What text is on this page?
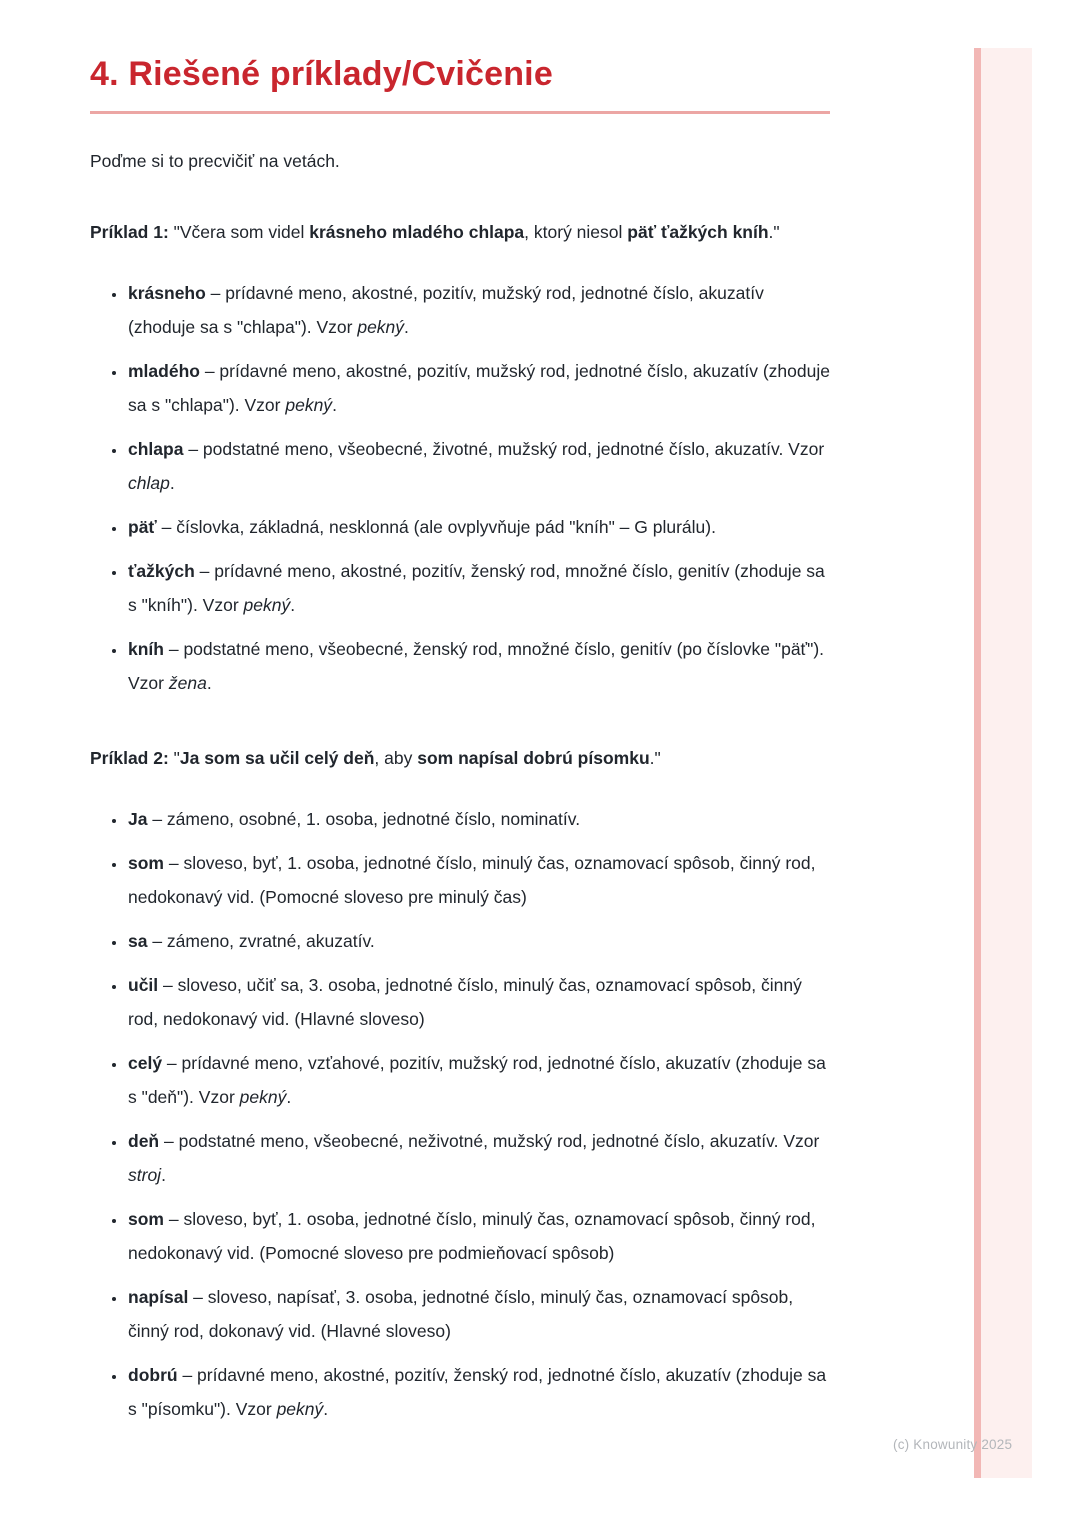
(c) Knowunity 2025
4. Riešené príklady/Cvičenie

Poďme si to precvičiť na vetách.

Príklad 1: "Včera som videl krásneho mladého chlapa, ktorý niesol päť ťažkých kníh."

• krásneho – prídavné meno, akostné, pozitív, mužský rod, jednotné číslo, akuzatív (zhoduje sa s "chlapa"). Vzor pekný.
• mladého – prídavné meno, akostné, pozitív, mužský rod, jednotné číslo, akuzatív (zhoduje sa s "chlapa"). Vzor pekný.
• chlapa – podstatné meno, všeobecné, životné, mužský rod, jednotné číslo, akuzatív. Vzor chlap.
• päť – číslovka, základná, nesklonná (ale ovplyvňuje pád "kníh" – G plurálu).
• ťažkých – prídavné meno, akostné, pozitív, ženský rod, množné číslo, genitív (zhoduje sa s "kníh"). Vzor pekný.
• kníh – podstatné meno, všeobecné, ženský rod, množné číslo, genitív (po číslovke "päť"). Vzor žena.

Príklad 2: "Ja som sa učil celý deň, aby som napísal dobrú písomku."

• Ja – zámeno, osobné, 1. osoba, jednotné číslo, nominatív.
• som – sloveso, byť, 1. osoba, jednotné číslo, minulý čas, oznamovací spôsob, činný rod, nedokonavý vid. (Pomocné sloveso pre minulý čas)
• sa – zámeno, zvratné, akuzatív.
• učil – sloveso, učiť sa, 3. osoba, jednotné číslo, minulý čas, oznamovací spôsob, činný rod, nedokonavý vid. (Hlavné sloveso)
• celý – prídavné meno, vzťahové, pozitív, mužský rod, jednotné číslo, akuzatív (zhoduje sa s "deň"). Vzor pekný.
• deň – podstatné meno, všeobecné, neživotné, mužský rod, jednotné číslo, akuzatív. Vzor stroj.
• som – sloveso, byť, 1. osoba, jednotné číslo, minulý čas, oznamovací spôsob, činný rod, nedokonavý vid. (Pomocné sloveso pre podmieňovací spôsob)
• napísal – sloveso, napísať, 3. osoba, jednotné číslo, minulý čas, oznamovací spôsob, činný rod, dokonavý vid. (Hlavné sloveso)
• dobrú – prídavné meno, akostné, pozitív, ženský rod, jednotné číslo, akuzatív (zhoduje sa s "písomku"). Vzor pekný.
